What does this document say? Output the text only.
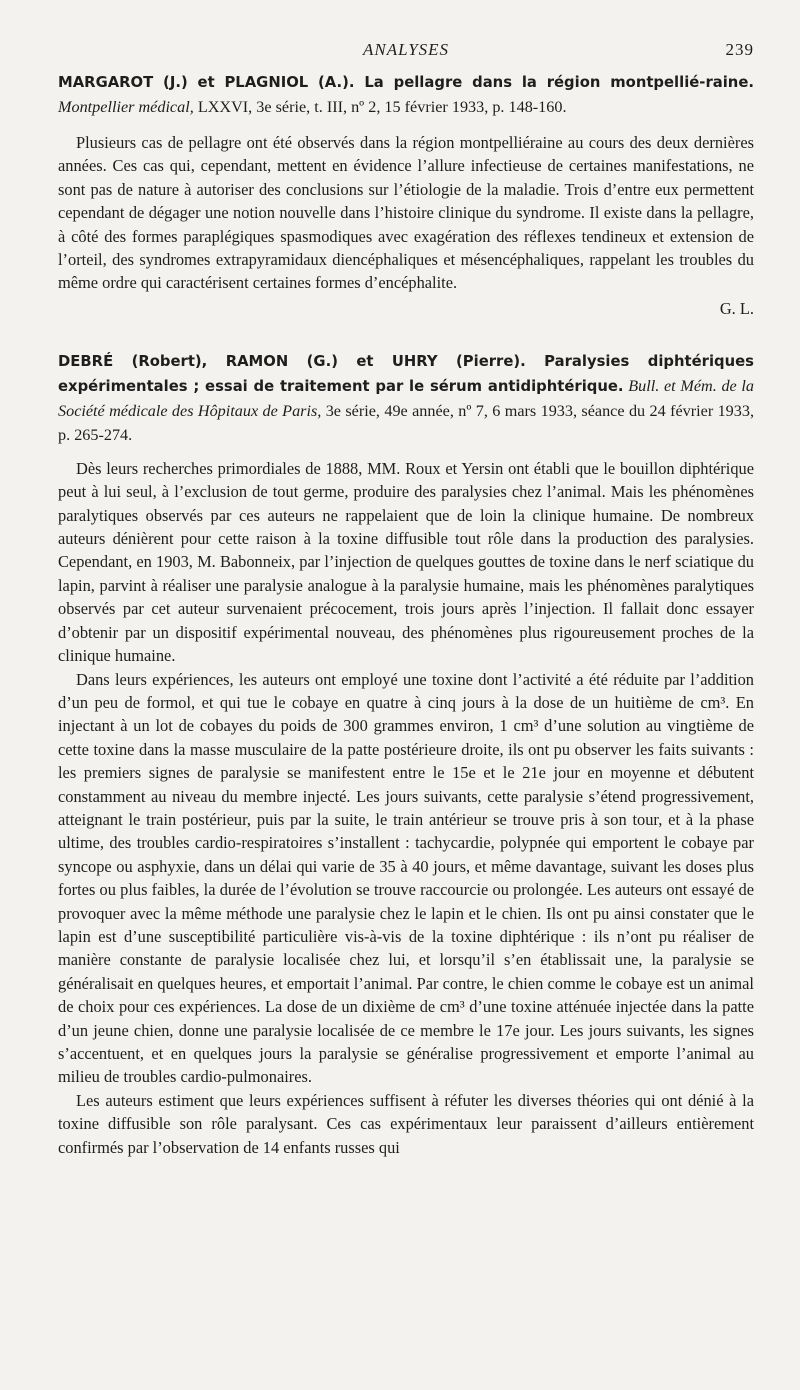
ANALYSES	239

MARGAROT (J.) et PLAGNIOL (A.). La pellagre dans la région montpellié-raine. Montpellier médical, LXXVI, 3e série, t. III, nº 2, 15 février 1933, p. 148-160.

Plusieurs cas de pellagre ont été observés dans la région montpelliéraine au cours des deux dernières années. Ces cas qui, cependant, mettent en évidence l’allure infectieuse de certaines manifestations, ne sont pas de nature à autoriser des conclusions sur l’étiologie de la maladie. Trois d’entre eux permettent cependant de dégager une notion nouvelle dans l’histoire clinique du syndrome. Il existe dans la pellagre, à côté des formes paraplégiques spasmodiques avec exagération des réflexes tendineux et extension de l’orteil, des syndromes extrapyramidaux diencéphaliques et mésencéphaliques, rappelant les troubles du même ordre qui caractérisent certaines formes d’encéphalite.

G. L.

DEBRÉ (Robert), RAMON (G.) et UHRY (Pierre). Paralysies diphtériques expérimentales ; essai de traitement par le sérum antidiphtérique. Bull. et Mém. de la Société médicale des Hôpitaux de Paris, 3e série, 49e année, nº 7, 6 mars 1933, séance du 24 février 1933, p. 265-274.

Dès leurs recherches primordiales de 1888, MM. Roux et Yersin ont établi que le bouillon diphtérique peut à lui seul, à l’exclusion de tout germe, produire des paralysies chez l’animal. Mais les phénomènes paralytiques observés par ces auteurs ne rappelaient que de loin la clinique humaine. De nombreux auteurs dénièrent pour cette raison à la toxine diffusible tout rôle dans la production des paralysies. Cependant, en 1903, M. Babonneix, par l’injection de quelques gouttes de toxine dans le nerf sciatique du lapin, parvint à réaliser une paralysie analogue à la paralysie humaine, mais les phénomènes paralytiques observés par cet auteur survenaient précocement, trois jours après l’injection. Il fallait donc essayer d’obtenir par un dispositif expérimental nouveau, des phénomènes plus rigoureusement proches de la clinique humaine.

Dans leurs expériences, les auteurs ont employé une toxine dont l’activité a été réduite par l’addition d’un peu de formol, et qui tue le cobaye en quatre à cinq jours à la dose de un huitième de cm³. En injectant à un lot de cobayes du poids de 300 grammes environ, 1 cm³ d’une solution au vingtième de cette toxine dans la masse musculaire de la patte postérieure droite, ils ont pu observer les faits suivants : les premiers signes de paralysie se manifestent entre le 15e et le 21e jour en moyenne et débutent constamment au niveau du membre injecté. Les jours suivants, cette paralysie s’étend progressivement, atteignant le train postérieur, puis par la suite, le train antérieur se trouve pris à son tour, et à la phase ultime, des troubles cardio-respiratoires s’installent : tachycardie, polypnée qui emportent le cobaye par syncope ou asphyxie, dans un délai qui varie de 35 à 40 jours, et même davantage, suivant les doses plus fortes ou plus faibles, la durée de l’évolution se trouve raccourcie ou prolongée. Les auteurs ont essayé de provoquer avec la même méthode une paralysie chez le lapin et le chien. Ils ont pu ainsi constater que le lapin est d’une susceptibilité particulière vis-à-vis de la toxine diphtérique : ils n’ont pu réaliser de manière constante de paralysie localisée chez lui, et lorsqu’il s’en établissait une, la paralysie se généralisait en quelques heures, et emportait l’animal. Par contre, le chien comme le cobaye est un animal de choix pour ces expériences. La dose de un dixième de cm³ d’une toxine atténuée injectée dans la patte d’un jeune chien, donne une paralysie localisée de ce membre le 17e jour. Les jours suivants, les signes s’accentuent, et en quelques jours la paralysie se généralise progressivement et emporte l’animal au milieu de troubles cardio-pulmonaires.

Les auteurs estiment que leurs expériences suffisent à réfuter les diverses théories qui ont dénié à la toxine diffusible son rôle paralysant. Ces cas expérimentaux leur paraissent d’ailleurs entièrement confirmés par l’observation de 14 enfants russes qui
